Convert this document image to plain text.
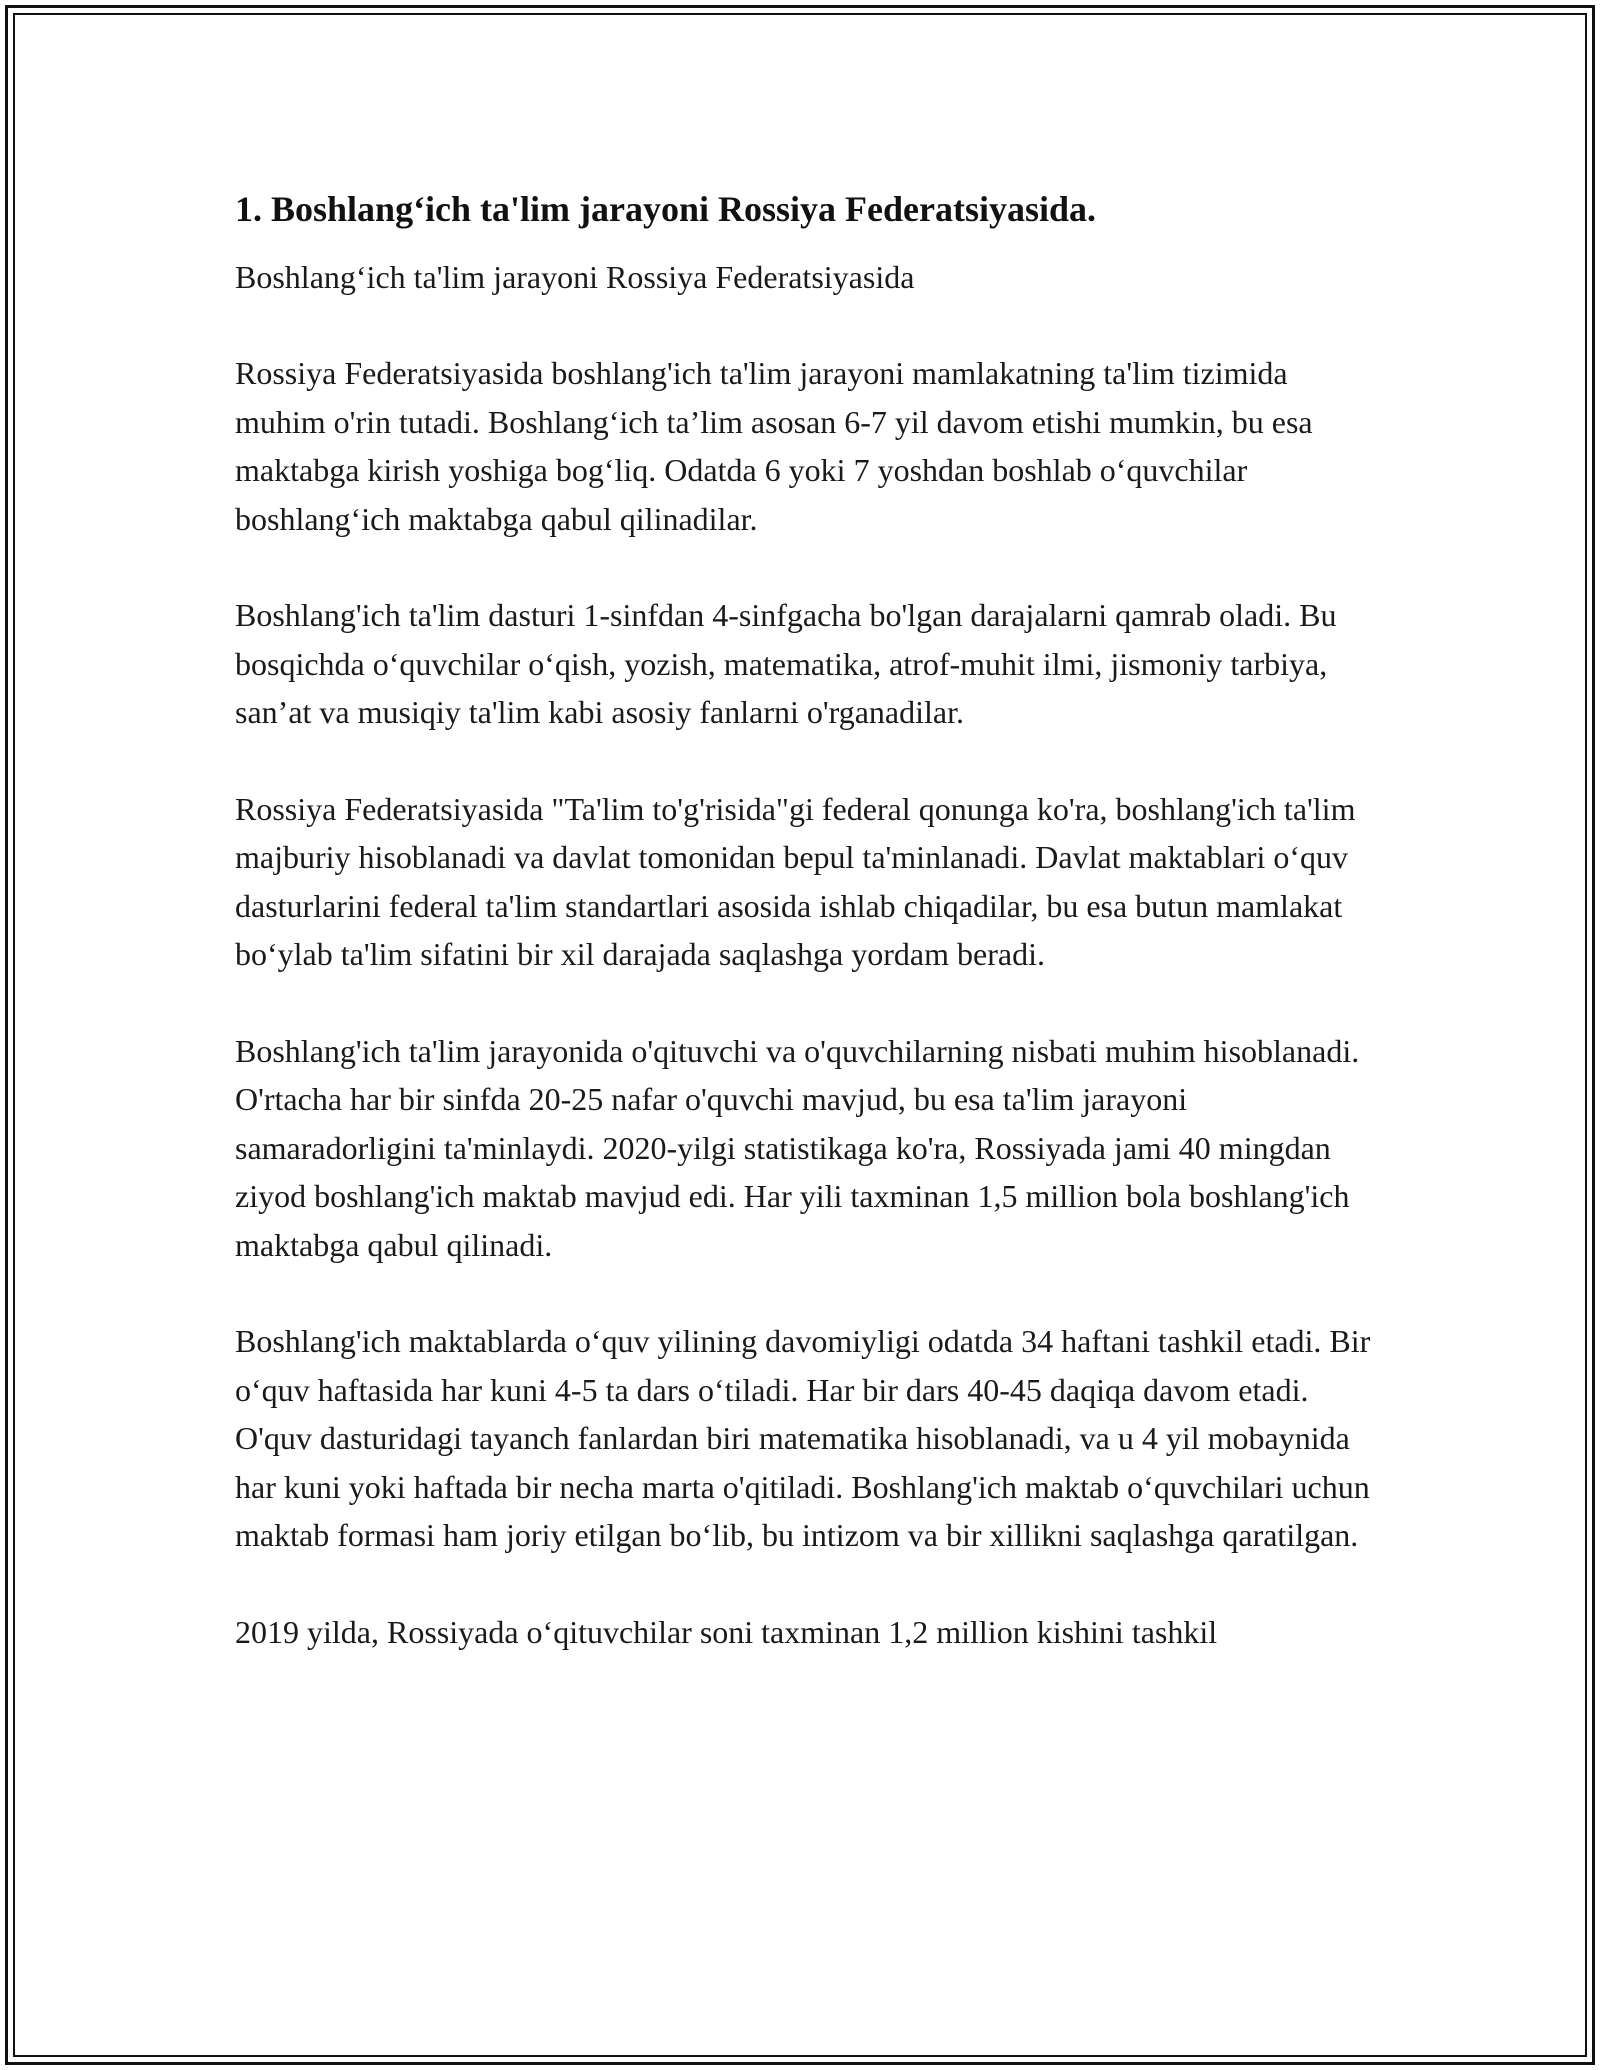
1. Boshlang‘ich ta'lim jarayoni Rossiya Federatsiyasida.

Boshlang‘ich ta'lim jarayoni Rossiya Federatsiyasida

Rossiya Federatsiyasida boshlang'ich ta'lim jarayoni mamlakatning ta'lim tizimida muhim o'rin tutadi. Boshlang‘ich ta’lim asosan 6-7 yil davom etishi mumkin, bu esa maktabga kirish yoshiga bog‘liq. Odatda 6 yoki 7 yoshdan boshlab o‘quvchilar boshlang‘ich maktabga qabul qilinadilar.

Boshlang'ich ta'lim dasturi 1-sinfdan 4-sinfgacha bo'lgan darajalarni qamrab oladi. Bu bosqichda o‘quvchilar o‘qish, yozish, matematika, atrof-muhit ilmi, jismoniy tarbiya, san’at va musiqiy ta'lim kabi asosiy fanlarni o'rganadilar.

Rossiya Federatsiyasida "Ta'lim to'g'risida"gi federal qonunga ko'ra, boshlang'ich ta'lim majburiy hisoblanadi va davlat tomonidan bepul ta'minlanadi. Davlat maktablari o‘quv dasturlarini federal ta'lim standartlari asosida ishlab chiqadilar, bu esa butun mamlakat bo‘ylab ta'lim sifatini bir xil darajada saqlashga yordam beradi.

Boshlang'ich ta'lim jarayonida o'qituvchi va o'quvchilarning nisbati muhim hisoblanadi. O'rtacha har bir sinfda 20-25 nafar o'quvchi mavjud, bu esa ta'lim jarayoni samaradorligini ta'minlaydi. 2020-yilgi statistikaga ko'ra, Rossiyada jami 40 mingdan ziyod boshlang'ich maktab mavjud edi. Har yili taxminan 1,5 million bola boshlang'ich maktabga qabul qilinadi.

Boshlang'ich maktablarda o‘quv yilining davomiyligi odatda 34 haftani tashkil etadi. Bir o‘quv haftasida har kuni 4-5 ta dars o‘tiladi. Har bir dars 40-45 daqiqa davom etadi. O'quv dasturidagi tayanch fanlardan biri matematika hisoblanadi, va u 4 yil mobaynida har kuni yoki haftada bir necha marta o'qitiladi. Boshlang'ich maktab o‘quvchilari uchun maktab formasi ham joriy etilgan bo‘lib, bu intizom va bir xillikni saqlashga qaratilgan.

2019 yilda, Rossiyada o‘qituvchilar soni taxminan 1,2 million kishini tashkil
